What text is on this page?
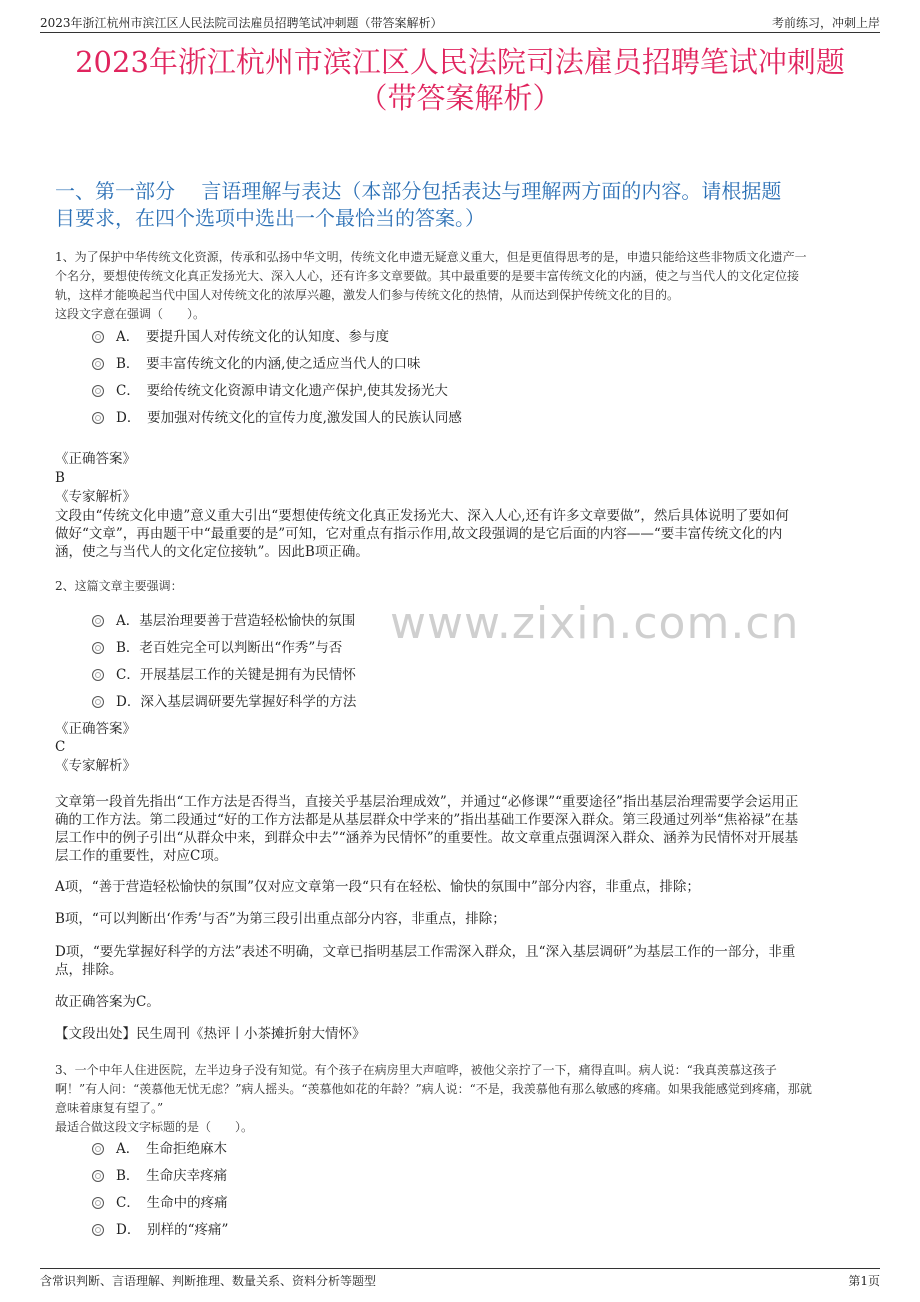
2023年浙江杭州市滨江区人民法院司法雇员招聘笔试冲刺题（带答案解析）	考前练习，冲刺上岸
2023年浙江杭州市滨江区人民法院司法雇员招聘笔试冲刺题
（带答案解析）
一、第一部分　 言语理解与表达（本部分包括表达与理解两方面的内容。请根据题
目要求，在四个选项中选出一个最恰当的答案。）
www.zixin.com.cn
1、为了保护中华传统文化资源，传承和弘扬中华文明，传统文化申遗无疑意义重大，但是更值得思考的是，申遗只能给这些非物质文化遗产一
个名分，要想使传统文化真正发扬光大、深入人心，还有许多文章要做。其中最重要的是要丰富传统文化的内涵，使之与当代人的文化定位接
轨，这样才能唤起当代中国人对传统文化的浓厚兴趣，激发人们参与传统文化的热情，从而达到保护传统文化的目的。
这段文字意在强调（　　）。
A．　要提升国人对传统文化的认知度、参与度
B．　要丰富传统文化的内涵,使之适应当代人的口味
C．　要给传统文化资源申请文化遗产保护,使其发扬光大
D．　要加强对传统文化的宣传力度,激发国人的民族认同感
《正确答案》
B
《专家解析》
文段由“传统文化申遗”意义重大引出“要想使传统文化真正发扬光大、深入人心,还有许多文章要做”，然后具体说明了要如何
做好“文章”，再由题干中“最重要的是”可知，它对重点有指示作用,故文段强调的是它后面的内容——“要丰富传统文化的内
涵，使之与当代人的文化定位接轨”。因此B项正确。
2、这篇文章主要强调：
A．基层治理要善于营造轻松愉快的氛围
B．老百姓完全可以判断出“作秀”与否
C．开展基层工作的关键是拥有为民情怀
D．深入基层调研要先掌握好科学的方法
《正确答案》
C
《专家解析》
文章第一段首先指出“工作方法是否得当，直接关乎基层治理成效”，并通过“必修课”“重要途径”指出基层治理需要学会运用正
确的工作方法。第二段通过“好的工作方法都是从基层群众中学来的”指出基础工作要深入群众。第三段通过列举“焦裕禄”在基
层工作中的例子引出“从群众中来，到群众中去”“涵养为民情怀”的重要性。故文章重点强调深入群众、涵养为民情怀对开展基
层工作的重要性，对应C项。
A项，“善于营造轻松愉快的氛围”仅对应文章第一段“只有在轻松、愉快的氛围中”部分内容，非重点，排除；
B项，“可以判断出‘作秀’与否”为第三段引出重点部分内容，非重点，排除；
D项，“要先掌握好科学的方法”表述不明确，文章已指明基层工作需深入群众，且“深入基层调研”为基层工作的一部分，非重
点，排除。
故正确答案为C。
【文段出处】民生周刊《热评丨小茶摊折射大情怀》
3、一个中年人住进医院，左半边身子没有知觉。有个孩子在病房里大声喧哗，被他父亲拧了一下，痛得直叫。病人说：“我真羡慕这孩子
啊！”有人问：“羡慕他无忧无虑？”病人摇头。“羡慕他如花的年龄？”病人说：“不是，我羡慕他有那么敏感的疼痛。如果我能感觉到疼痛，那就
意味着康复有望了。”
最适合做这段文字标题的是（　　）。
A．　生命拒绝麻木
B．　生命庆幸疼痛
C．　生命中的疼痛
D．　别样的“疼痛”
含常识判断、言语理解、判断推理、数量关系、资料分析等题型	第1页
